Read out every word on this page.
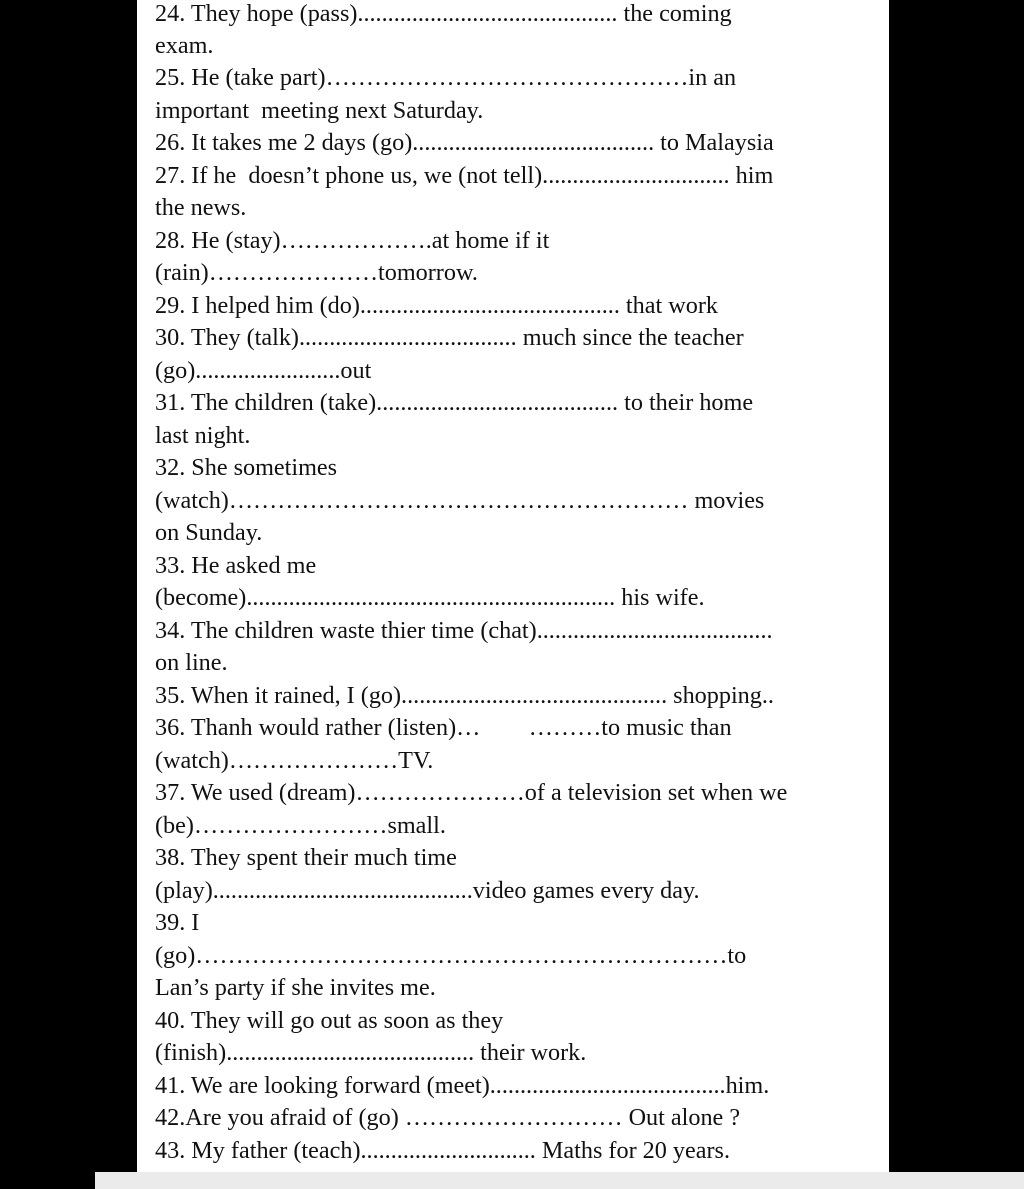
24. They hope (pass)........................................... the coming
exam.
25. He (take part)………………………………………in an
important  meeting next Saturday.
26. It takes me 2 days (go)........................................ to Malaysia
27. If he  doesn’t phone us, we (not tell)............................... him
the news.
28. He (stay)……………….at home if it
(rain)…………………tomorrow.
29. I helped him (do)........................................... that work
30. They (talk).................................... much since the teacher
(go)........................out
31. The children (take)........................................ to their home
last night.
32. She sometimes
(watch)………………………………………………… movies
on Sunday.
33. He asked me
(become)............................................................. his wife.
34. The children waste thier time (chat).......................................
on line.
35. When it rained, I (go)............................................ shopping..
36. Thanh would rather (listen)…        ………to music than
(watch)…………………TV.
37. We used (dream)…………………of a television set when we
(be)……………………small.
38. They spent their much time
(play)...........................................video games every day.
39. I
(go)…………………………………………………………to
Lan’s party if she invites me.
40. They will go out as soon as they
(finish)......................................... their work.
41. We are looking forward (meet).......................................him.
42.Are you afraid of (go) ……………………… Out alone ?
43. My father (teach)............................. Maths for 20 years.
